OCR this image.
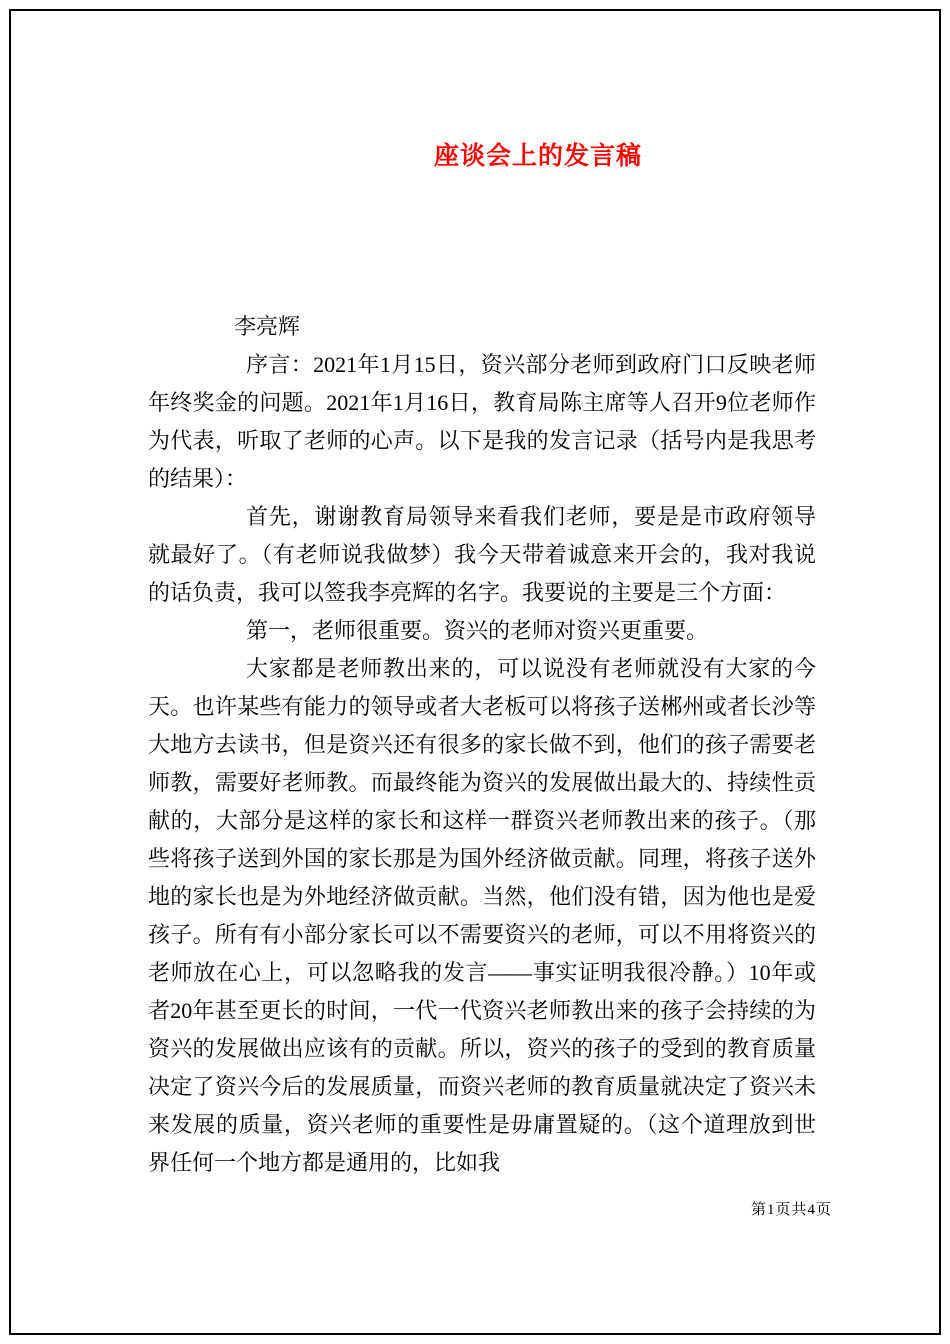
座谈会上的发言稿

李亮辉

序言：2021年1月15日，资兴部分老师到政府门口反映老师年终奖金的问题。2021年1月16日，教育局陈主席等人召开9位老师作为代表，听取了老师的心声。以下是我的发言记录（括号内是我思考的结果）：

首先，谢谢教育局领导来看我们老师，要是是市政府领导就最好了。（有老师说我做梦）我今天带着诚意来开会的，我对我说的话负责，我可以签我李亮辉的名字。我要说的主要是三个方面：

第一，老师很重要。资兴的老师对资兴更重要。

大家都是老师教出来的，可以说没有老师就没有大家的今天。也许某些有能力的领导或者大老板可以将孩子送郴州或者长沙等大地方去读书，但是资兴还有很多的家长做不到，他们的孩子需要老师教，需要好老师教。而最终能为资兴的发展做出最大的、持续性贡献的，大部分是这样的家长和这样一群资兴老师教出来的孩子。（那些将孩子送到外国的家长那是为国外经济做贡献。同理，将孩子送外地的家长也是为外地经济做贡献。当然，他们没有错，因为他也是爱孩子。所有有小部分家长可以不需要资兴的老师，可以不用将资兴的老师放在心上，可以忽略我的发言——事实证明我很冷静。）10年或者20年甚至更长的时间，一代一代资兴老师教出来的孩子会持续的为资兴的发展做出应该有的贡献。所以，资兴的孩子的受到的教育质量决定了资兴今后的发展质量，而资兴老师的教育质量就决定了资兴未来发展的质量，资兴老师的重要性是毋庸置疑的。（这个道理放到世界任何一个地方都是通用的，比如我

第1页共4页
